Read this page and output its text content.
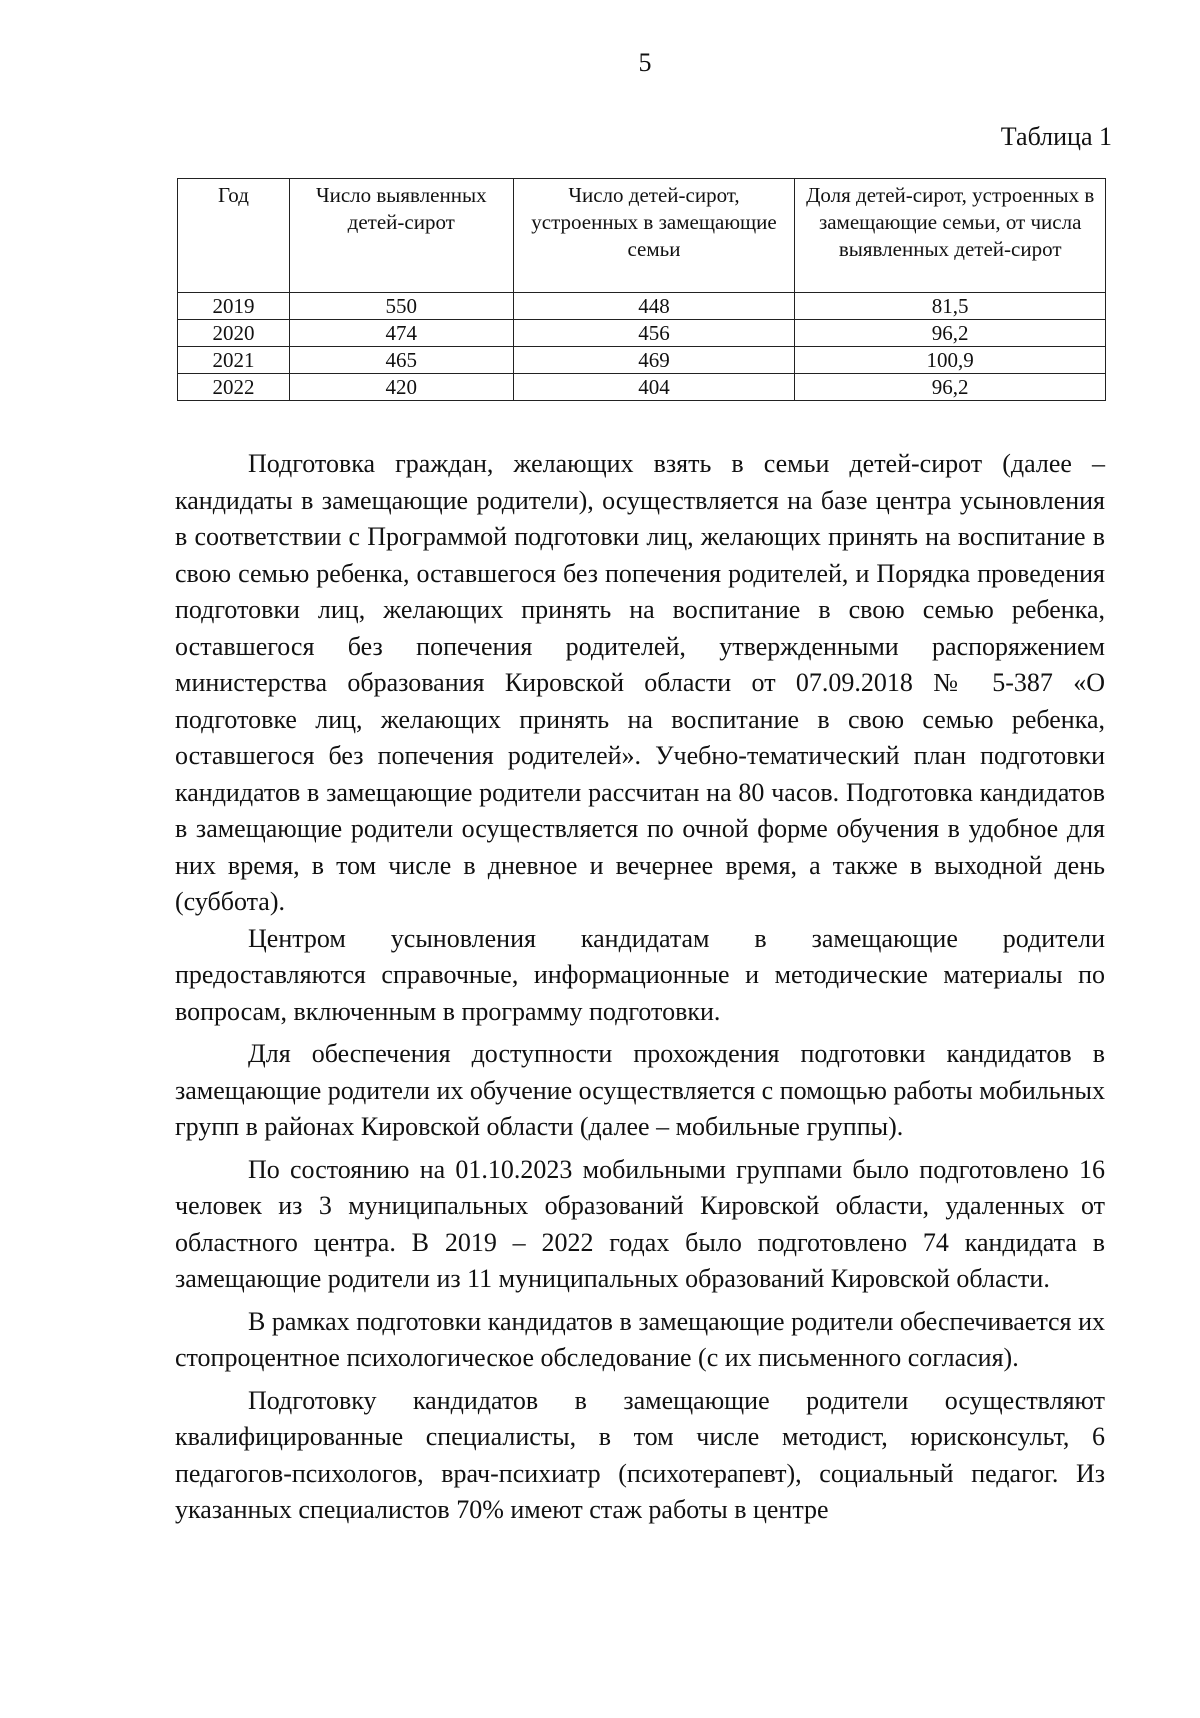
5
Таблица 1
Год	Число выявленных детей-сирот	Число детей-сирот, устроенных в замещающие семьи	Доля детей-сирот, устроенных в замещающие семьи, от числа выявленных детей-сирот
2019	550	448	81,5
2020	474	456	96,2
2021	465	469	100,9
2022	420	404	96,2

Подготовка граждан, желающих взять в семьи детей-сирот (далее – кандидаты в замещающие родители), осуществляется на базе центра усыновления в соответствии с Программой подготовки лиц, желающих принять на воспитание в свою семью ребенка, оставшегося без попечения родителей, и Порядка проведения подготовки лиц, желающих принять на воспитание в свою семью ребенка, оставшегося без попечения родителей, утвержденными распоряжением министерства образования Кировской области от 07.09.2018 № 5-387 «О подготовке лиц, желающих принять на воспитание в свою семью ребенка, оставшегося без попечения родителей». Учебно-тематический план подготовки кандидатов в замещающие родители рассчитан на 80 часов. Подготовка кандидатов в замещающие родители осуществляется по очной форме обучения в удобное для них время, в том числе в дневное и вечернее время, а также в выходной день (суббота).

Центром усыновления кандидатам в замещающие родители предоставляются справочные, информационные и методические материалы по вопросам, включенным в программу подготовки.

Для обеспечения доступности прохождения подготовки кандидатов в замещающие родители их обучение осуществляется с помощью работы мобильных групп в районах Кировской области (далее – мобильные группы).

По состоянию на 01.10.2023 мобильными группами было подготовлено 16 человек из 3 муниципальных образований Кировской области, удаленных от областного центра. В 2019 – 2022 годах было подготовлено 74 кандидата в замещающие родители из 11 муниципальных образований Кировской области.

В рамках подготовки кандидатов в замещающие родители обеспечивается их стопроцентное психологическое обследование (с их письменного согласия).

Подготовку кандидатов в замещающие родители осуществляют квалифицированные специалисты, в том числе методист, юрисконсульт, 6 педагогов-психологов, врач-психиатр (психотерапевт), социальный педагог. Из указанных специалистов 70% имеют стаж работы в центре
